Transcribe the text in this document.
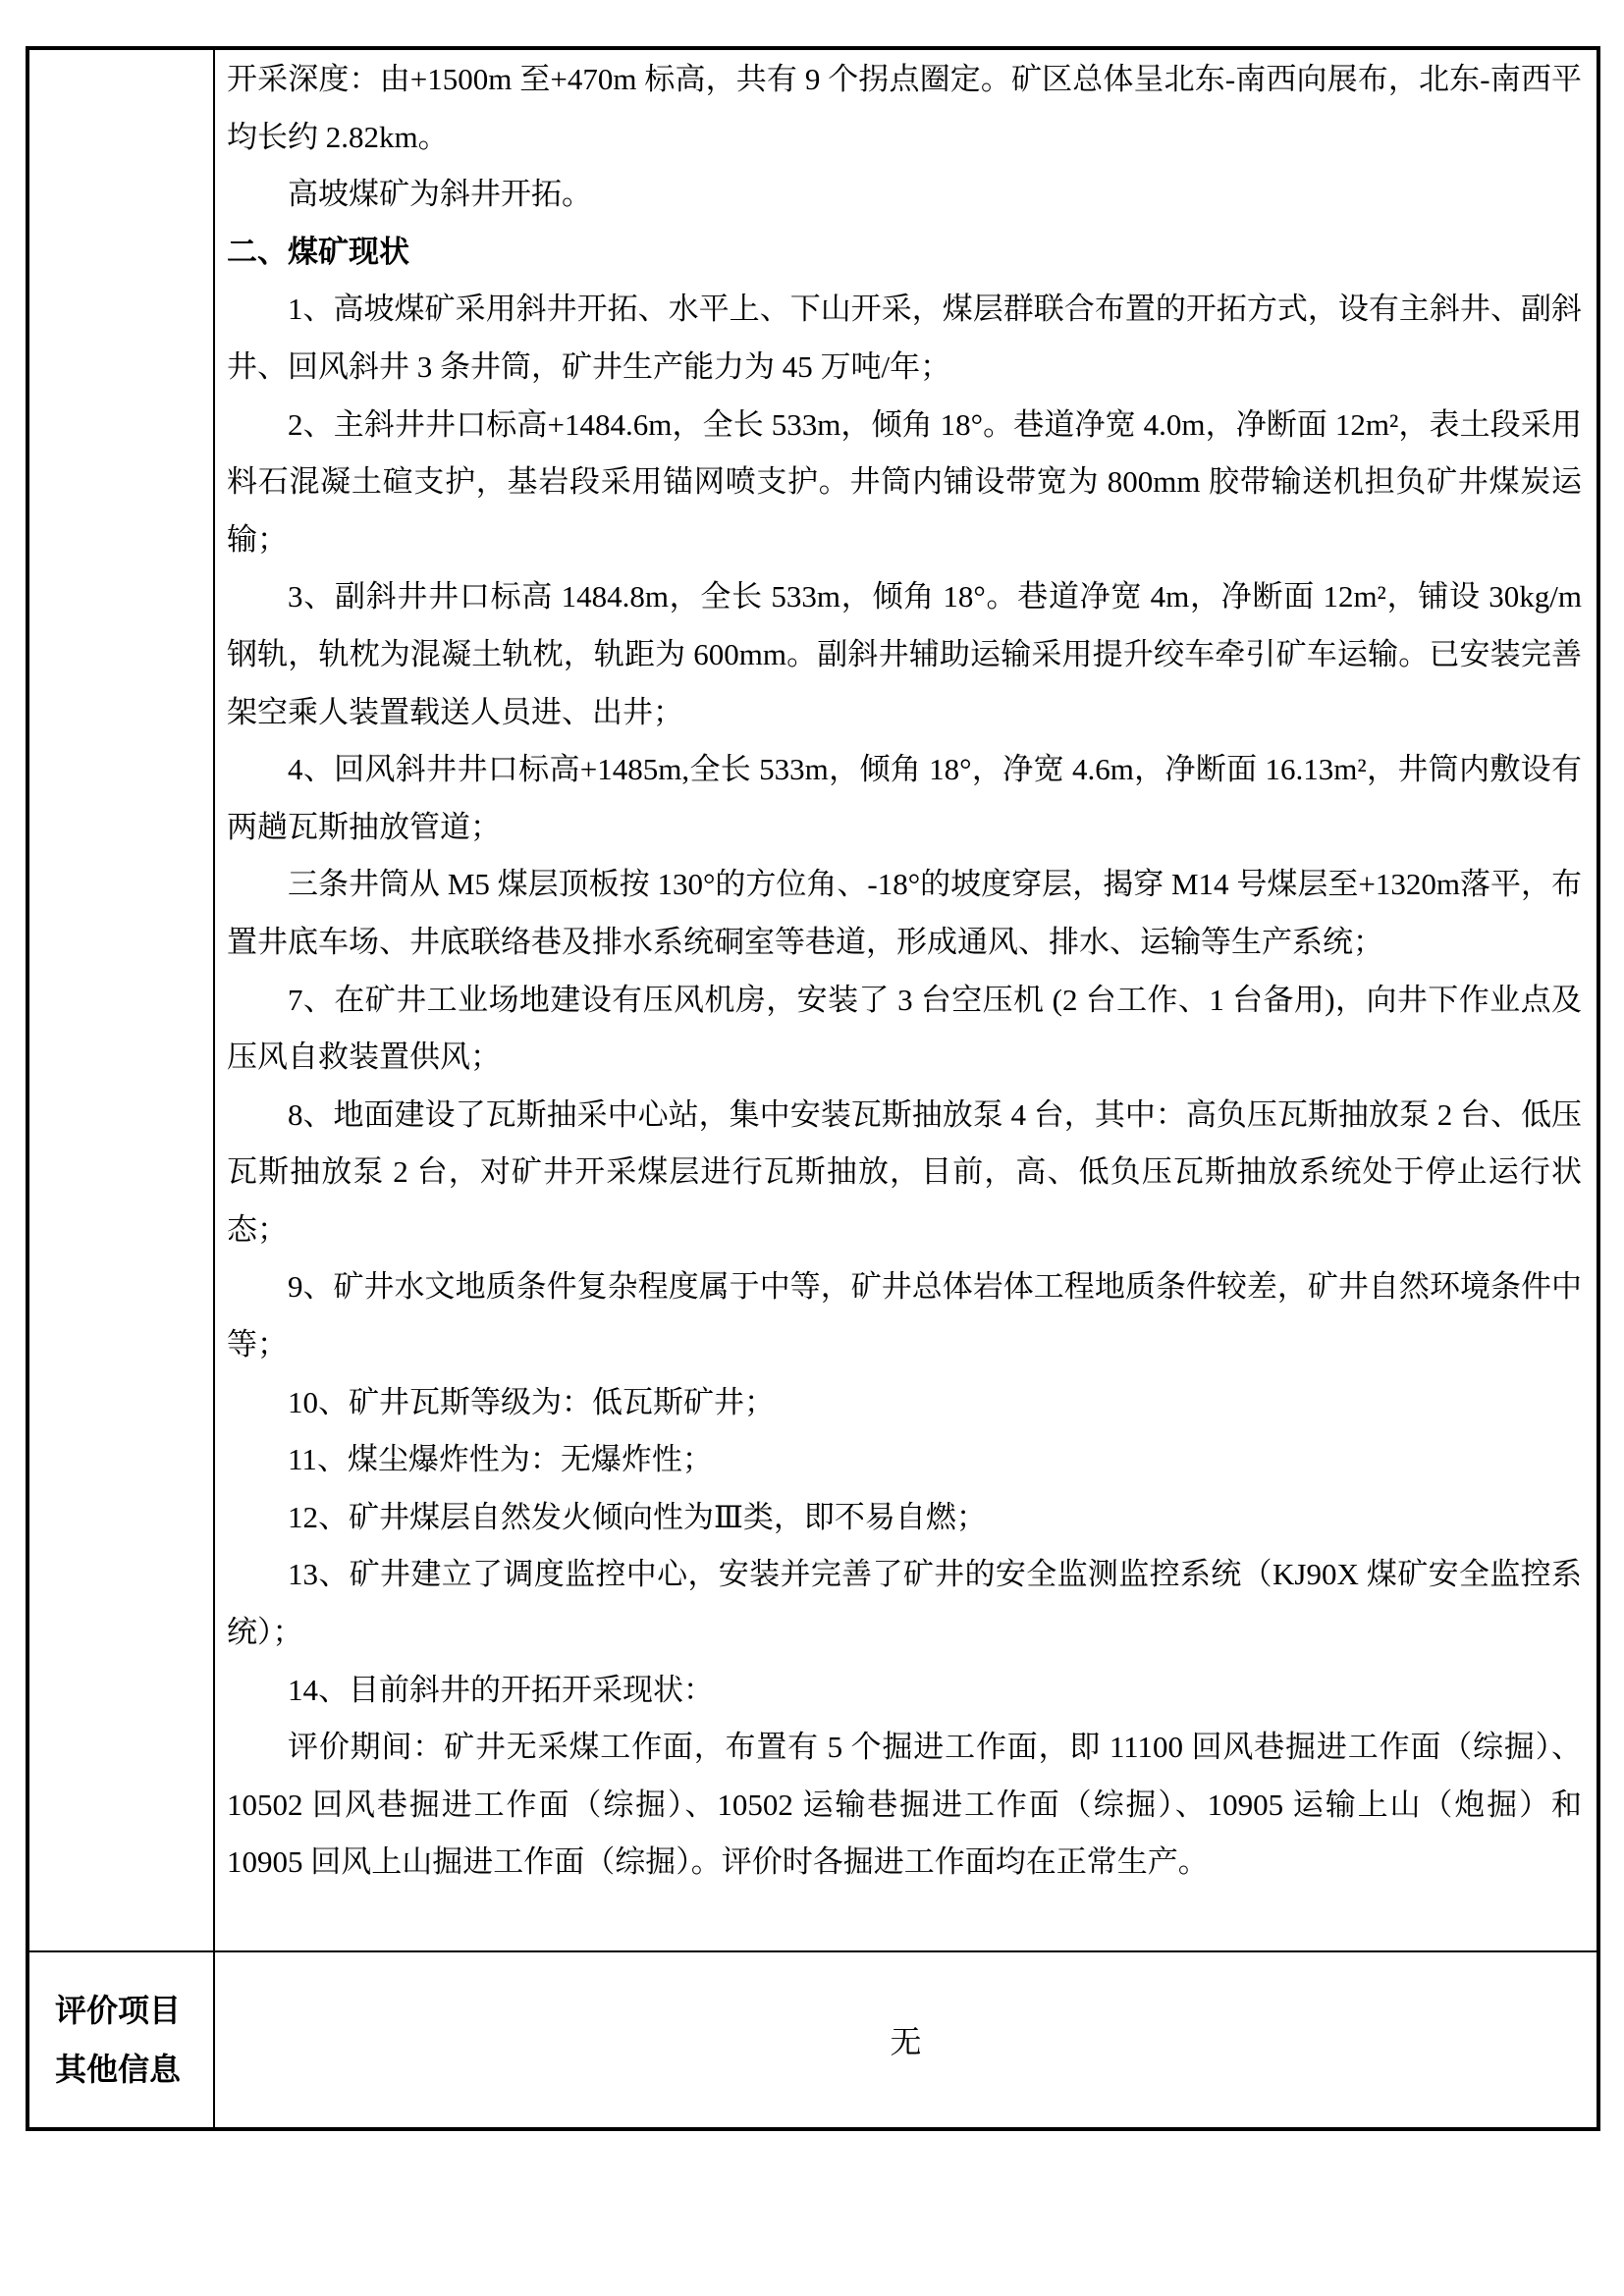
开采深度：由+1500m 至+470m 标高，共有 9 个拐点圈定。矿区总体呈北东-南西向展布，北东-南西平均长约 2.82km。

高坡煤矿为斜井开拓。

二、煤矿现状

1、高坡煤矿采用斜井开拓、水平上、下山开采，煤层群联合布置的开拓方式，设有主斜井、副斜井、回风斜井 3 条井筒，矿井生产能力为 45 万吨/年；

2、主斜井井口标高+1484.6m，全长 533m，倾角 18°。巷道净宽 4.0m，净断面 12m²，表土段采用料石混凝土碹支护，基岩段采用锚网喷支护。井筒内铺设带宽为 800mm 胶带输送机担负矿井煤炭运输；

3、副斜井井口标高 1484.8m，全长 533m，倾角 18°。巷道净宽 4m，净断面 12m²，铺设 30kg/m 钢轨，轨枕为混凝土轨枕，轨距为 600mm。副斜井辅助运输采用提升绞车牵引矿车运输。已安装完善架空乘人装置载送人员进、出井；

4、回风斜井井口标高+1485m,全长 533m，倾角 18°，净宽 4.6m，净断面 16.13m²，井筒内敷设有两趟瓦斯抽放管道；

三条井筒从 M5 煤层顶板按 130°的方位角、-18°的坡度穿层，揭穿 M14 号煤层至+1320m落平，布置井底车场、井底联络巷及排水系统硐室等巷道，形成通风、排水、运输等生产系统；

7、在矿井工业场地建设有压风机房，安装了 3 台空压机 (2 台工作、1 台备用)，向井下作业点及压风自救装置供风；

8、地面建设了瓦斯抽采中心站，集中安装瓦斯抽放泵 4 台，其中：高负压瓦斯抽放泵 2 台、低压瓦斯抽放泵 2 台，对矿井开采煤层进行瓦斯抽放，目前，高、低负压瓦斯抽放系统处于停止运行状态；

9、矿井水文地质条件复杂程度属于中等，矿井总体岩体工程地质条件较差，矿井自然环境条件中等；

10、矿井瓦斯等级为：低瓦斯矿井；

11、煤尘爆炸性为：无爆炸性；

12、矿井煤层自然发火倾向性为Ⅲ类，即不易自燃；

13、矿井建立了调度监控中心，安装并完善了矿井的安全监测监控系统（KJ90X 煤矿安全监控系统）；

14、目前斜井的开拓开采现状：

评价期间：矿井无采煤工作面，布置有 5 个掘进工作面，即 11100 回风巷掘进工作面（综掘）、10502 回风巷掘进工作面（综掘）、10502 运输巷掘进工作面（综掘）、10905 运输上山（炮掘）和 10905 回风上山掘进工作面（综掘）。评价时各掘进工作面均在正常生产。

评价项目
其他信息
无
